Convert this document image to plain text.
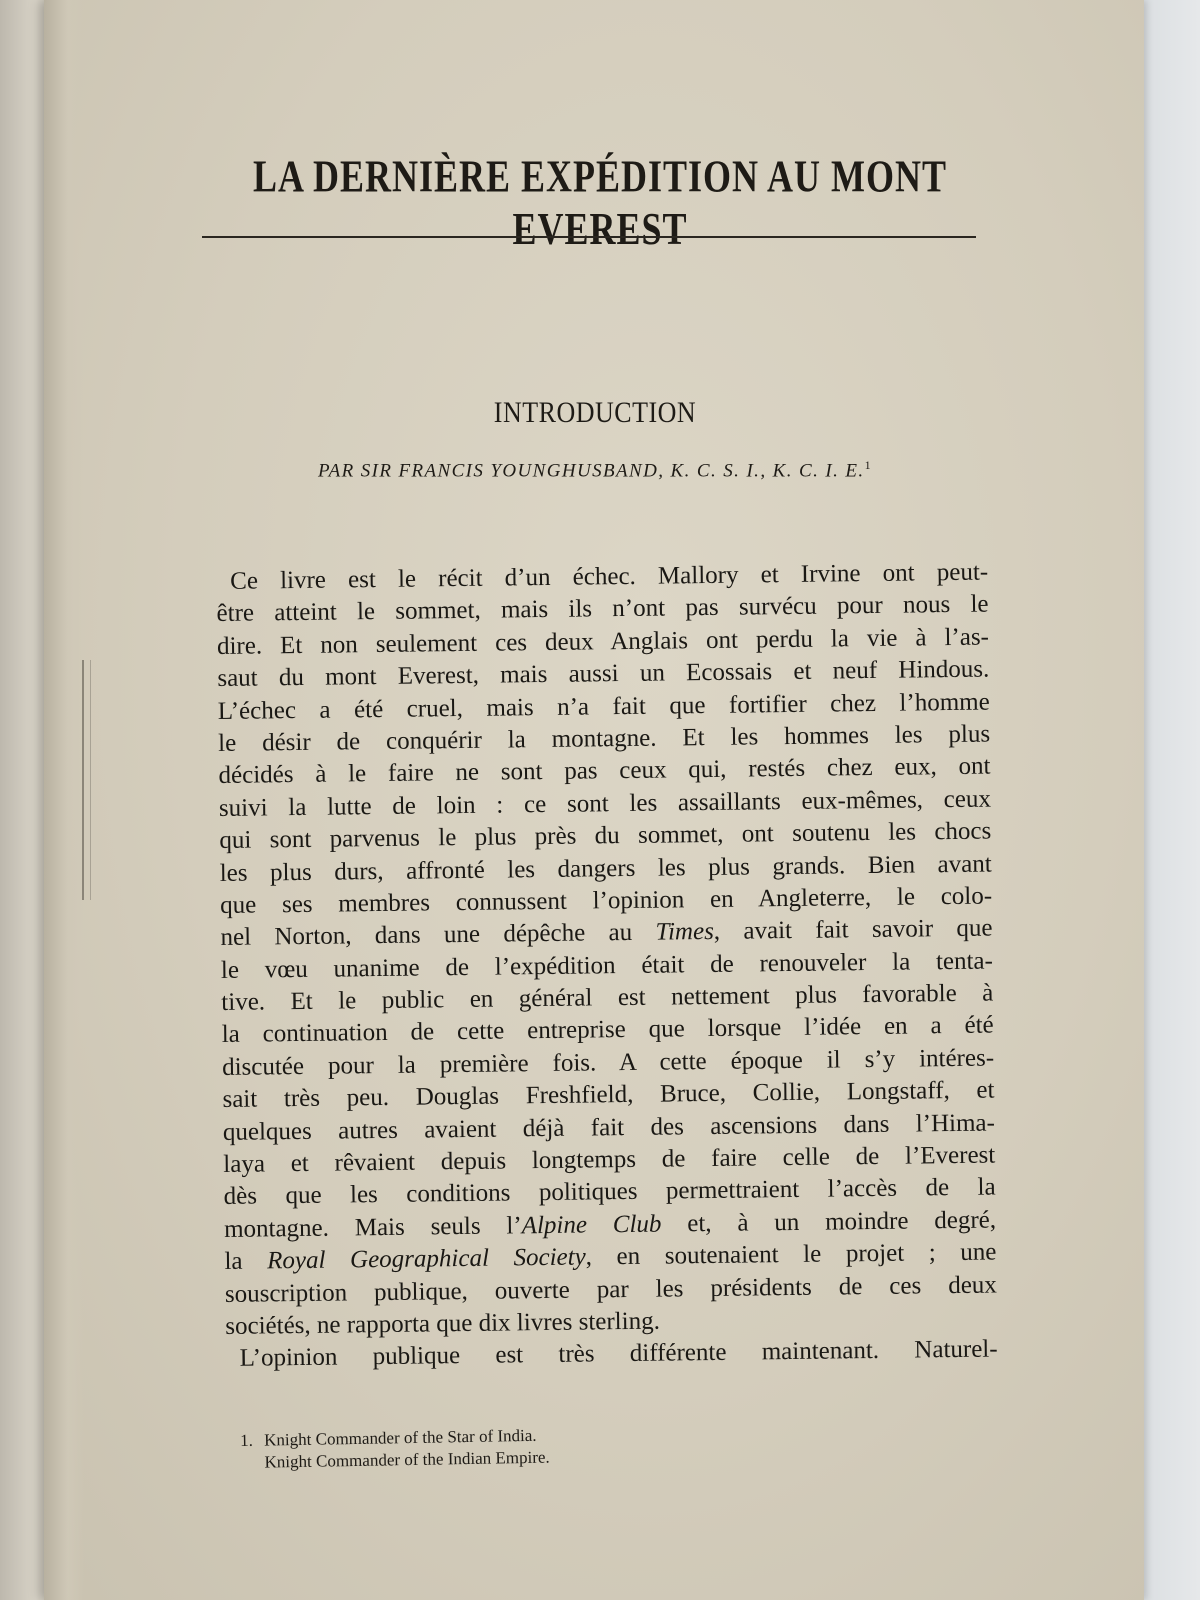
LA DERNIÈRE EXPÉDITION AU MONT EVEREST
INTRODUCTION
PAR SIR FRANCIS YOUNGHUSBAND, K. C. S. I., K. C. I. E.$^1$
Ce livre est le récit d’un échec. Mallory et Irvine ont peut-
être atteint le sommet, mais ils n’ont pas survécu pour nous le
dire. Et non seulement ces deux Anglais ont perdu la vie à l’as-
saut du mont Everest, mais aussi un Ecossais et neuf Hindous.
L’échec a été cruel, mais n’a fait que fortifier chez l’homme
le désir de conquérir la montagne. Et les hommes les plus
décidés à le faire ne sont pas ceux qui, restés chez eux, ont
suivi la lutte de loin : ce sont les assaillants eux-mêmes, ceux
qui sont parvenus le plus près du sommet, ont soutenu les chocs
les plus durs, affronté les dangers les plus grands. Bien avant
que ses membres connussent l’opinion en Angleterre, le colo-
nel Norton, dans une dépêche au Times, avait fait savoir que
le vœu unanime de l’expédition était de renouveler la tenta-
tive. Et le public en général est nettement plus favorable à
la continuation de cette entreprise que lorsque l’idée en a été
discutée pour la première fois. A cette époque il s’y intéres-
sait très peu. Douglas Freshfield, Bruce, Collie, Longstaff, et
quelques autres avaient déjà fait des ascensions dans l’Hima-
laya et rêvaient depuis longtemps de faire celle de l’Everest
dès que les conditions politiques permettraient l’accès de la
montagne. Mais seuls l’Alpine Club et, à un moindre degré,
la Royal Geographical Society, en soutenaient le projet ; une
souscription publique, ouverte par les présidents de ces deux
sociétés, ne rapporta que dix livres sterling.
L’opinion publique est très différente maintenant. Naturel-
1. Knight Commander of the Star of India.
Knight Commander of the Indian Empire.
